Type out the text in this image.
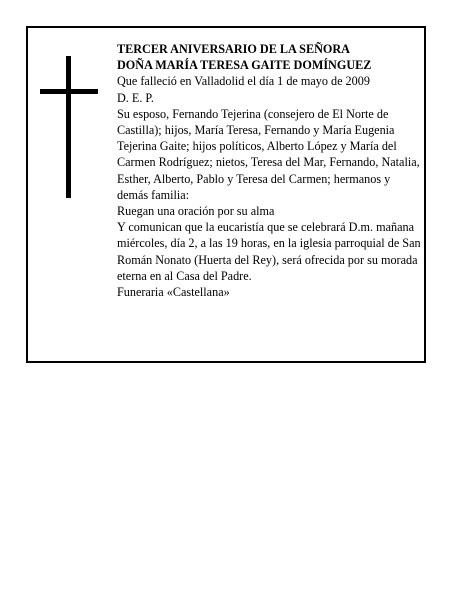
TERCER ANIVERSARIO DE LA SEÑORA

DOÑA MARÍA TERESA GAITE DOMÍNGUEZ

Que falleció en Valladolid el día 1 de mayo de 2009

D. E. P.

Su esposo, Fernando Tejerina (consejero de El Norte de Castilla); hijos, María Teresa, Fernando y María Eugenia Tejerina Gaite; hijos políticos, Alberto López y María del Carmen Rodríguez; nietos, Teresa del Mar, Fernando, Natalia, Esther, Alberto, Pablo y Teresa del Carmen; hermanos y demás familia:

Ruegan una oración por su alma

Y comunican que la eucaristía que se celebrará D.m. mañana miércoles, día 2, a las 19 horas, en la iglesia parroquial de San Román Nonato (Huerta del Rey), será ofrecida por su morada eterna en al Casa del Padre.

Funeraria «Castellana»
